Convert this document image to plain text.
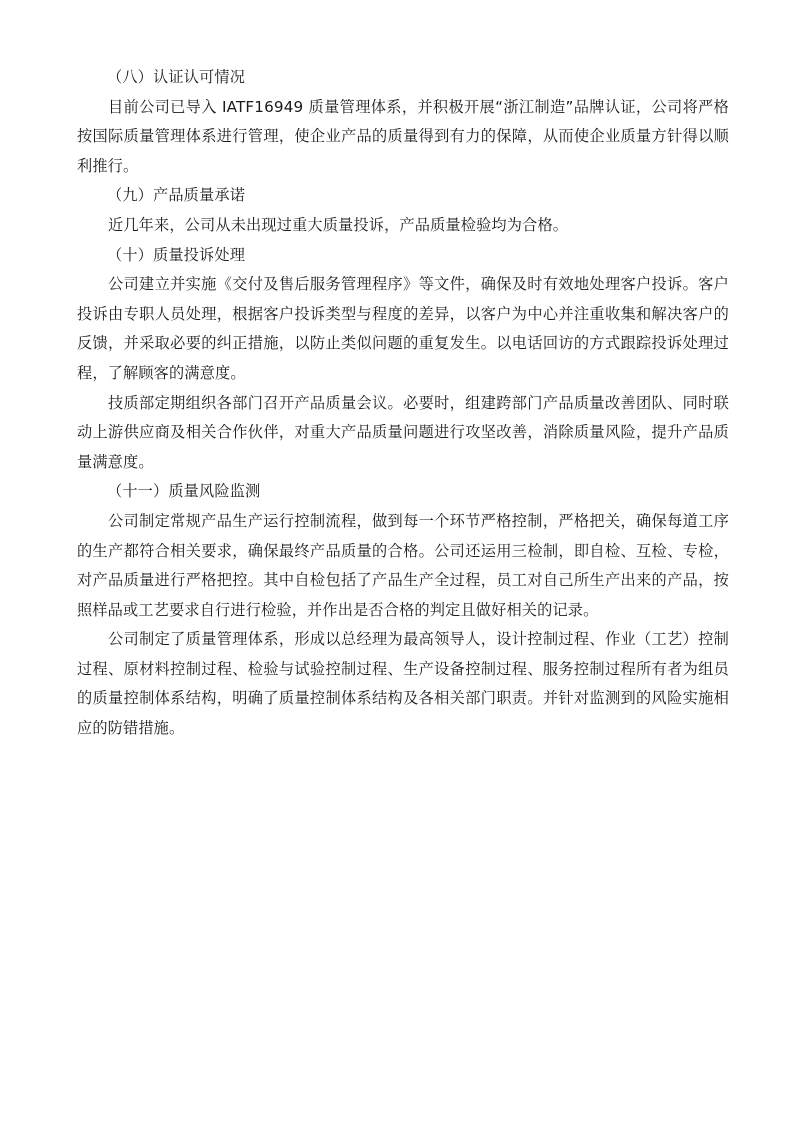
（八）认证认可情况

目前公司已导入 IATF16949 质量管理体系，并积极开展“浙江制造”品牌认证，公司将严格按国际质量管理体系进行管理，使企业产品的质量得到有力的保障，从而使企业质量方针得以顺利推行。

（九）产品质量承诺

近几年来，公司从未出现过重大质量投诉，产品质量检验均为合格。

（十）质量投诉处理

公司建立并实施《交付及售后服务管理程序》等文件，确保及时有效地处理客户投诉。客户投诉由专职人员处理，根据客户投诉类型与程度的差异，以客户为中心并注重收集和解决客户的反馈，并采取必要的纠正措施，以防止类似问题的重复发生。以电话回访的方式跟踪投诉处理过程，了解顾客的满意度。

技质部定期组织各部门召开产品质量会议。必要时，组建跨部门产品质量改善团队、同时联动上游供应商及相关合作伙伴，对重大产品质量问题进行攻坚改善，消除质量风险，提升产品质量满意度。

（十一）质量风险监测

公司制定常规产品生产运行控制流程，做到每一个环节严格控制，严格把关，确保每道工序的生产都符合相关要求，确保最终产品质量的合格。公司还运用三检制，即自检、互检、专检，对产品质量进行严格把控。其中自检包括了产品生产全过程，员工对自己所生产出来的产品，按照样品或工艺要求自行进行检验，并作出是否合格的判定且做好相关的记录。

公司制定了质量管理体系，形成以总经理为最高领导人，设计控制过程、作业（工艺）控制过程、原材料控制过程、检验与试验控制过程、生产设备控制过程、服务控制过程所有者为组员的质量控制体系结构，明确了质量控制体系结构及各相关部门职责。并针对监测到的风险实施相应的防错措施。
